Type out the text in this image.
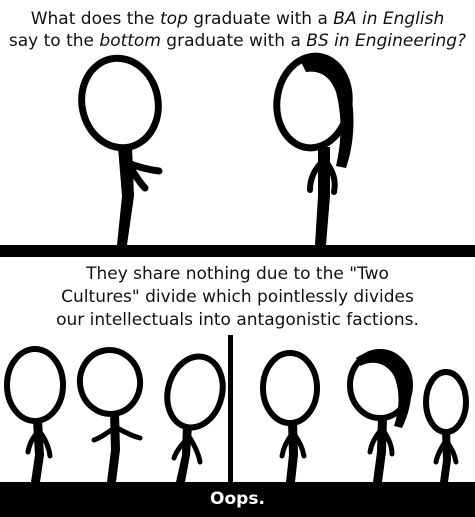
What does the top graduate with a BA in English
say to the bottom graduate with a BS in Engineering?
They share nothing due to the "Two
Cultures" divide which pointlessly divides
our intellectuals into antagonistic factions.
Oops.
